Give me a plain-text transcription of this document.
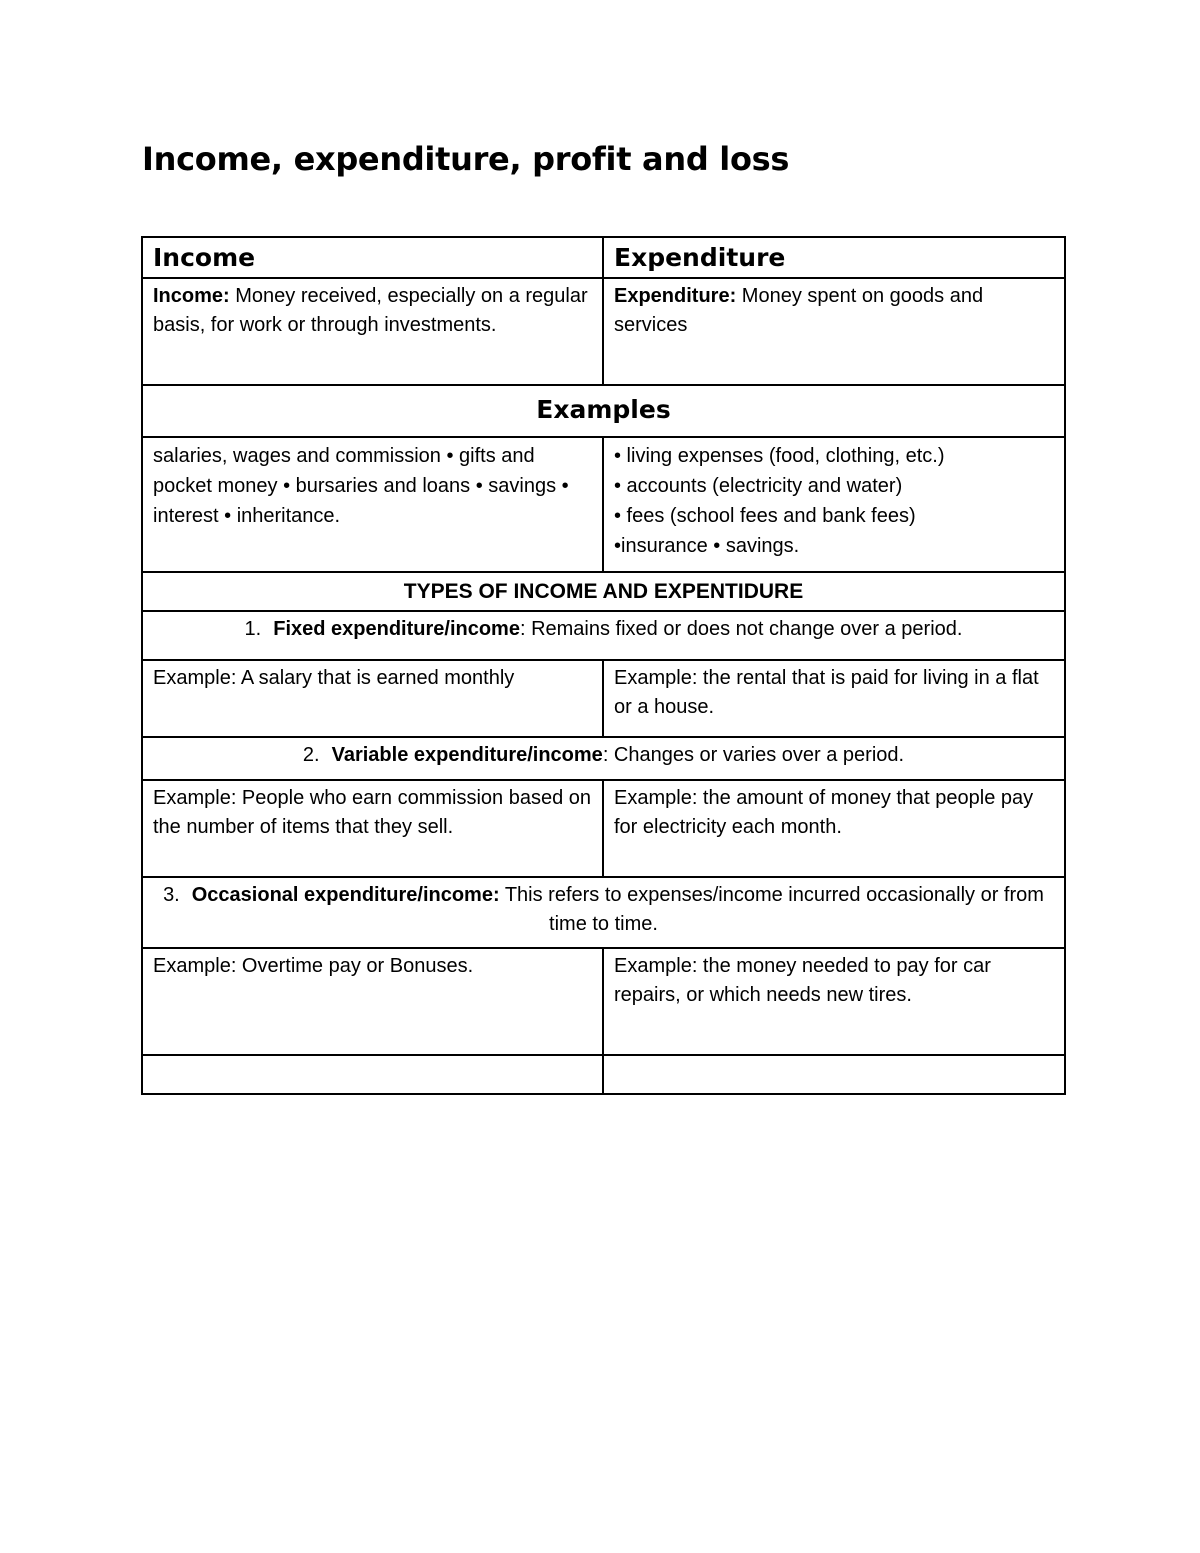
Income, expenditure, profit and loss
Income	Expenditure
Income: Money received, especially on a regular basis, for work or through investments.	Expenditure: Money spent on goods and services
Examples	
salaries, wages and commission • gifts and pocket money • bursaries and loans • savings • interest • inheritance.	• living expenses (food, clothing, etc.)
• accounts (electricity and water)
• fees (school fees and bank fees)
•insurance • savings.

TYPES OF INCOME AND EXPENTIDURE	
1. Fixed expenditure/income: Remains fixed or does not change over a period.	
Example: A salary that is earned monthly	Example: the rental that is paid for living in a flat or a house.
2. Variable expenditure/income: Changes or varies over a period.	
Example: People who earn commission based on the number of items that they sell.	Example: the amount of money that people pay for electricity each month.
3. Occasional expenditure/income: This refers to expenses/income incurred occasionally or from time to time.	
Example: Overtime pay or Bonuses.	Example: the money needed to pay for car repairs, or which needs new tires.
